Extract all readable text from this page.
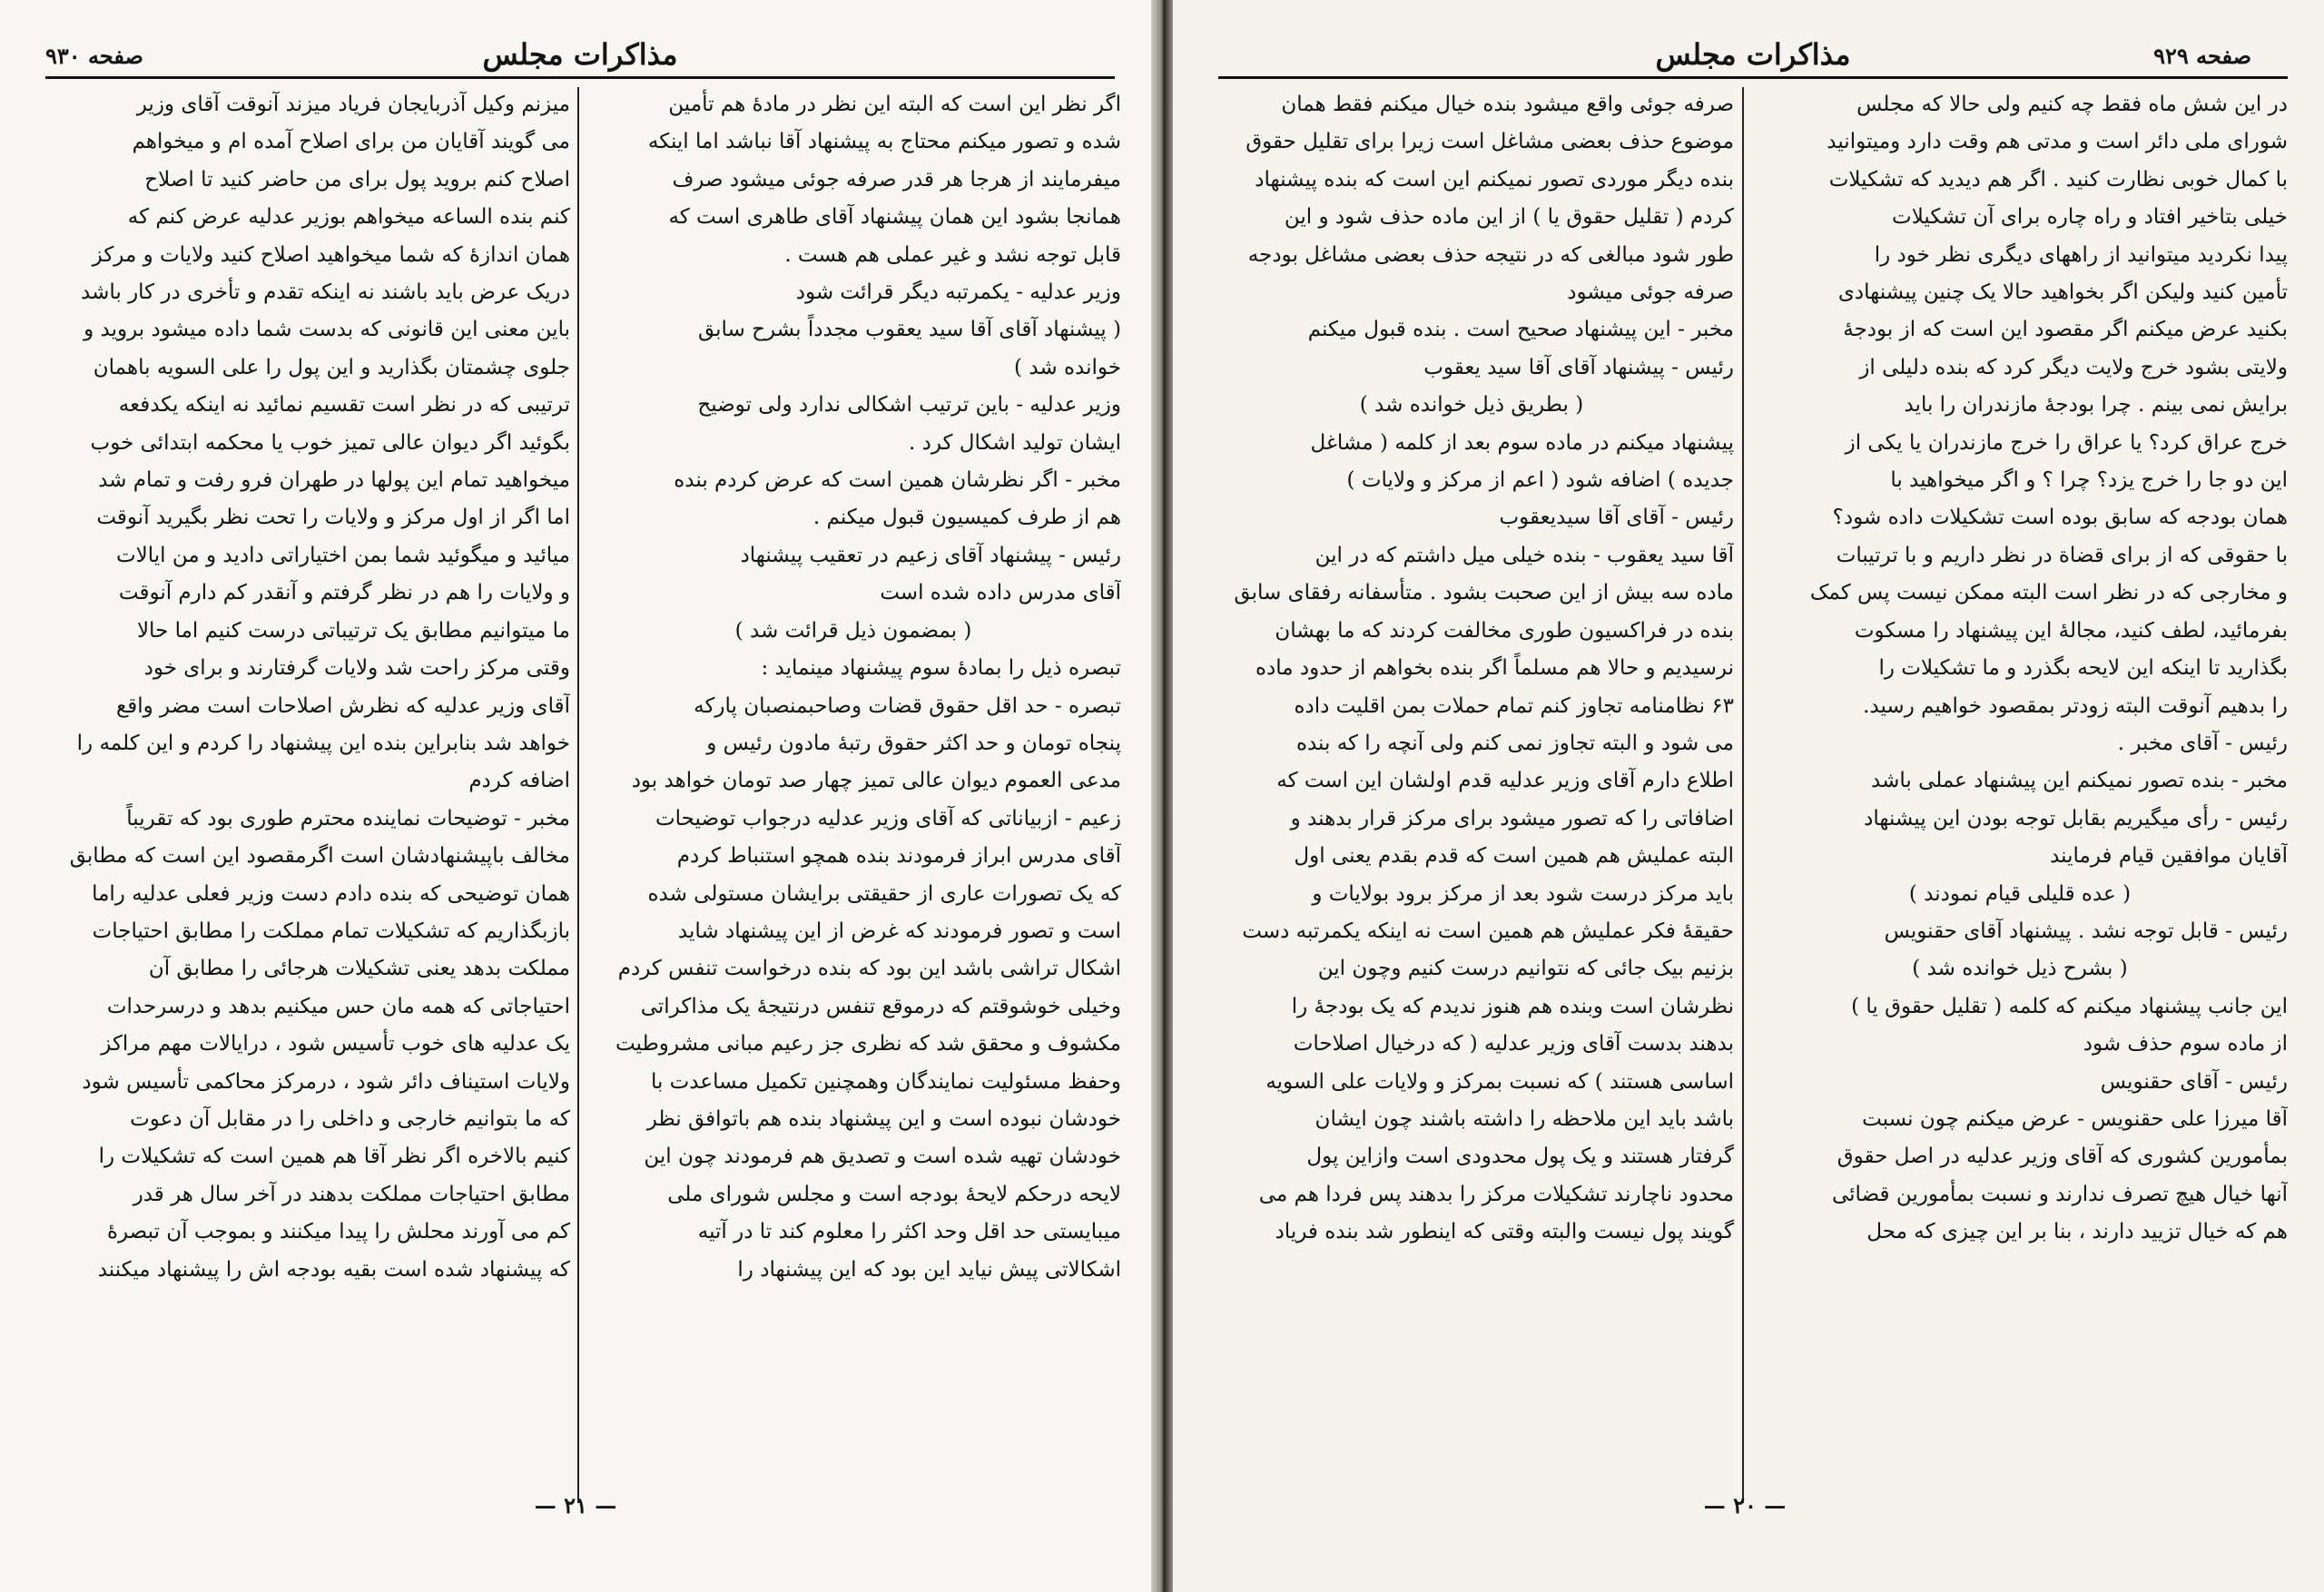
مذاکرات مجلس
صفحه ۹۳۰

اگر نظر این است که البته این نظر در مادهٔ هم تأمین

شده و تصور میکنم محتاج به پیشنهاد آقا نباشد اما اینکه

میفرمایند از هرجا هر قدر صرفه جوئی میشود صرف

همانجا بشود این همان پیشنهاد آقای طاهری است که

قابل توجه نشد و غیر عملی هم هست .

وزیر عدلیه - یکمرتبه دیگر قرائت شود

( پیشنهاد آقای آقا سید یعقوب مجدداً بشرح سابق

خوانده شد )

وزیر عدلیه - باین ترتیب اشکالی ندارد ولی توضیح

ایشان تولید اشکال کرد .

مخبر - اگر نظرشان همین است که عرض کردم بنده

هم از طرف کمیسیون قبول میکنم .

رئیس - پیشنهاد آقای زعیم در تعقیب پیشنهاد

آقای مدرس داده شده است

( بمضمون ذیل قرائت شد )

تبصره ذیل را بمادهٔ سوم پیشنهاد مینماید :

تبصره - حد اقل حقوق قضات وصاحبمنصبان پارکه

پنجاه تومان و حد اکثر حقوق رتبهٔ مادون رئیس و

مدعی العموم دیوان عالی تمیز چهار صد تومان خواهد بود

زعیم - ازبیاناتی که آقای وزیر عدلیه درجواب توضیحات

آقای مدرس ابراز فرمودند بنده همچو استنباط کردم

که یک تصورات عاری از حقیقتی برایشان مستولی شده

است و تصور فرمودند که غرض از این پیشنهاد شاید

اشکال تراشی باشد این بود که بنده درخواست تنفس کردم

وخیلی خوشوقتم که درموقع تنفس درنتیجهٔ یک مذاکراتی

مکشوف و محقق شد که نظری جز رعیم مبانی مشروطیت

وحفظ مسئولیت نمایندگان وهمچنین تکمیل مساعدت با

خودشان نبوده است و این پیشنهاد بنده هم باتوافق نظر

خودشان تهیه شده است و تصدیق هم فرمودند چون این

لایحه درحکم لایحهٔ بودجه است و مجلس شورای ملی

میبایستی حد اقل وحد اکثر را معلوم کند تا در آتیه

اشکالاتی پیش نیاید این بود که این پیشنهاد را

میزنم وکیل آذربایجان فریاد میزند آنوقت آقای وزیر

می گویند آقایان من برای اصلاح آمده ام و میخواهم

اصلاح کنم بروید پول برای من حاضر کنید تا اصلاح

کنم بنده الساعه میخواهم بوزیر عدلیه عرض کنم که

همان اندازهٔ که شما میخواهید اصلاح کنید ولایات و مرکز

دریک عرض باید باشند نه اینکه تقدم و تأخری در کار باشد

باین معنی این قانونی که بدست شما داده میشود بروید و

جلوی چشمتان بگذارید و این پول را علی السویه باهمان

ترتیبی که در نظر است تقسیم نمائید نه اینکه یکدفعه

بگوئید اگر دیوان عالی تمیز خوب یا محکمه ابتدائی خوب

میخواهید تمام این پولها در طهران فرو رفت و تمام شد

اما اگر از اول مرکز و ولایات را تحت نظر بگیرید آنوقت

میائید و میگوئید شما بمن اختیاراتی دادید و من ایالات

و ولایات را هم در نظر گرفتم و آنقدر کم دارم آنوقت

ما میتوانیم مطابق یک ترتیباتی درست کنیم اما حالا

وقتی مرکز راحت شد ولایات گرفتارند و برای خود

آقای وزیر عدلیه که نظرش اصلاحات است مضر واقع

خواهد شد بنابراین بنده این پیشنهاد را کردم و این کلمه را

اضافه کردم

مخبر - توضیحات نماینده محترم طوری بود که تقریباً

مخالف باپیشنهادشان است اگرمقصود این است که مطابق

همان توضیحی که بنده دادم دست وزیر فعلی عدلیه راما

بازبگذاریم که تشکیلات تمام مملکت را مطابق احتیاجات

مملکت بدهد یعنی تشکیلات هرجائی را مطابق آن

احتیاجاتی که همه مان حس میکنیم بدهد و درسرحدات

یک عدلیه های خوب تأسیس شود ، درایالات مهم مراکز

ولایات استیناف دائر شود ، درمرکز محاکمی تأسیس شود

که ما بتوانیم خارجی و داخلی را در مقابل آن دعوت

کنیم بالاخره اگر نظر آقا هم همین است که تشکیلات را

مطابق احتیاجات مملکت بدهند در آخر سال هر قدر

کم می آورند محلش را پیدا میکنند و بموجب آن تبصرهٔ

که پیشنهاد شده است بقیه بودجه اش را پیشنهاد میکنند

— ۲۱ —
مذاکرات مجلس	صفحه ۹۲۹

در این شش ماه فقط چه کنیم ولی حالا که مجلس

شورای ملی دائر است و مدتی هم وقت دارد ومیتوانید

با کمال خوبی نظارت کنید . اگر هم دیدید که تشکیلات

خیلی بتاخیر افتاد و راه چاره برای آن تشکیلات

پیدا نکردید میتوانید از راههای دیگری نظر خود را

تأمین کنید ولیکن اگر بخواهید حالا یک چنین پیشنهادی

بکنید عرض میکنم اگر مقصود این است که از بودجهٔ

ولایتی بشود خرج ولایت دیگر کرد که بنده دلیلی از

برایش نمی بینم . چرا بودجهٔ مازندران را باید

خرج عراق کرد؟ یا عراق را خرج مازندران یا یکی از

این دو جا را خرج یزد؟ چرا ؟ و اگر میخواهید با

همان بودجه که سابق بوده است تشکیلات داده شود؟

با حقوقی که از برای قضاة در نظر داریم و با ترتیبات

و مخارجی که در نظر است البته ممکن نیست پس کمک

بفرمائید، لطف کنید، مجالهٔ این پیشنهاد را مسکوت

بگذارید تا اینکه این لایحه بگذرد و ما تشکیلات را

را بدهیم آنوقت البته زودتر بمقصود خواهیم رسید.

رئیس - آقای مخبر .

مخبر - بنده تصور نمیکنم این پیشنهاد عملی باشد

رئیس - رأی میگیریم بقابل توجه بودن این پیشنهاد

آقایان موافقین قیام فرمایند

( عده قلیلی قیام نمودند )

رئیس - قابل توجه نشد . پیشنهاد آقای حقنویس

( بشرح ذیل خوانده شد )

این جانب پیشنهاد میکنم که کلمه ( تقلیل حقوق یا )

از ماده سوم حذف شود

رئیس - آقای حقنویس

آقا میرزا علی حقنویس - عرض میکنم چون نسبت

بمأمورین کشوری که آقای وزیر عدلیه در اصل حقوق

آنها خیال هیچ تصرف ندارند و نسبت بمأمورین قضائی

هم که خیال تزیید دارند ، بنا بر این چیزی که محل

صرفه جوئی واقع میشود بنده خیال میکنم فقط همان

موضوع حذف بعضی مشاغل است زیرا برای تقلیل حقوق

بنده دیگر موردی تصور نمیکنم این است که بنده پیشنهاد

کردم ( تقلیل حقوق یا ) از این ماده حذف شود و این

طور شود مبالغی که در نتیجه حذف بعضی مشاغل بودجه

صرفه جوئی میشود

مخبر - این پیشنهاد صحیح است . بنده قبول میکنم

رئیس - پیشنهاد آقای آقا سید یعقوب

( بطریق ذیل خوانده شد )

پیشنهاد میکنم در ماده سوم بعد از کلمه ( مشاغل

جدیده ) اضافه شود ( اعم از مرکز و ولایات )

رئیس - آقای آقا سیدیعقوب

آقا سید یعقوب - بنده خیلی میل داشتم که در این

ماده سه بیش از این صحبت بشود . متأسفانه رفقای سابق

بنده در فراکسیون طوری مخالفت کردند که ما بهشان

نرسیدیم و حالا هم مسلماً اگر بنده بخواهم از حدود ماده

۶۳ نظامنامه تجاوز کنم تمام حملات بمن اقلیت داده

می شود و البته تجاوز نمی کنم ولی آنچه را که بنده

اطلاع دارم آقای وزیر عدلیه قدم اولشان این است که

اضافاتی را که تصور میشود برای مرکز قرار بدهند و

البته عملیش هم همین است که قدم بقدم یعنی اول

باید مرکز درست شود بعد از مرکز برود بولایات و

حقیقهٔ فکر عملیش هم همین است نه اینکه یکمرتبه دست

بزنیم بیک جائی که نتوانیم درست کنیم وچون این

نظرشان است وبنده هم هنوز ندیدم که یک بودجهٔ را

بدهند بدست آقای وزیر عدلیه ( که درخیال اصلاحات

اساسی هستند ) که نسبت بمرکز و ولایات علی السویه

باشد باید این ملاحظه را داشته باشند چون ایشان

گرفتار هستند و یک پول محدودی است وازاین پول

محدود ناچارند تشکیلات مرکز را بدهند پس فردا هم می

گویند پول نیست والبته وقتی که اینطور شد بنده فریاد

— ۲۰ —
